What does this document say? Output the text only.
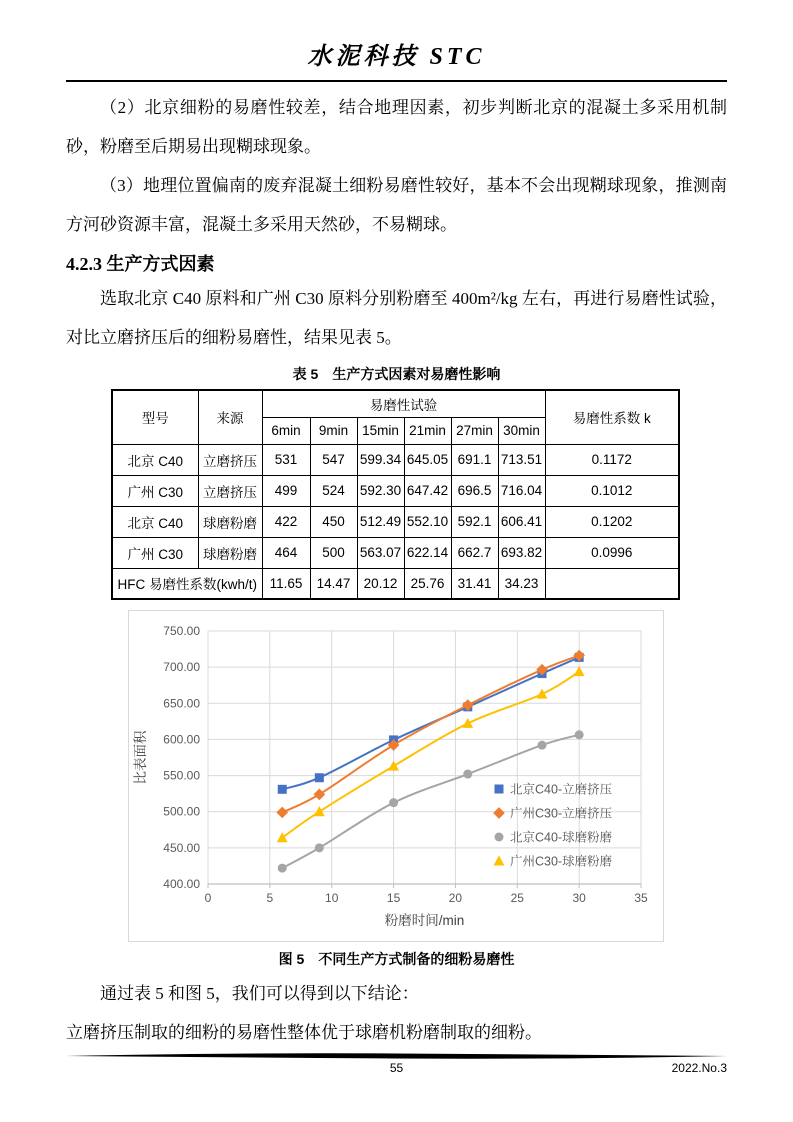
水泥科技 STC

（2）北京细粉的易磨性较差，结合地理因素，初步判断北京的混凝土多采用机制砂，粉磨至后期易出现糊球现象。

（3）地理位置偏南的废弃混凝土细粉易磨性较好，基本不会出现糊球现象，推测南方河砂资源丰富，混凝土多采用天然砂，不易糊球。

4.2.3 生产方式因素

选取北京 C40 原料和广州 C30 原料分别粉磨至 400m²/kg 左右，再进行易磨性试验，对比立磨挤压后的细粉易磨性，结果见表 5。

表 5　生产方式因素对易磨性影响
型号	来源	易磨性试验						易磨性系数 k
		6min	9min	15min	21min	27min	30min	
北京 C40	立磨挤压	531	547	599.34	645.05	691.1	713.51	0.1172
广州 C30	立磨挤压	499	524	592.30	647.42	696.5	716.04	0.1012
北京 C40	球磨粉磨	422	450	512.49	552.10	592.1	606.41	0.1202
广州 C30	球磨粉磨	464	500	563.07	622.14	662.7	693.82	0.0996
HFC 易磨性系数(kwh/t)		11.65	14.47	20.12	25.76	31.41	34.23	
0	5	10	15	20	25	30	35
400.00
450.00
500.00
550.00
600.00
650.00
700.00
750.00
粉磨时间/min
比表面积
北京C40-立磨挤压
广州C30-立磨挤压
北京C40-球磨粉磨
广州C30-球磨粉磨
图 5　不同生产方式制备的细粉易磨性

通过表 5 和图 5，我们可以得到以下结论：

立磨挤压制取的细粉的易磨性整体优于球磨机粉磨制取的细粉。

55	2022.No.3
